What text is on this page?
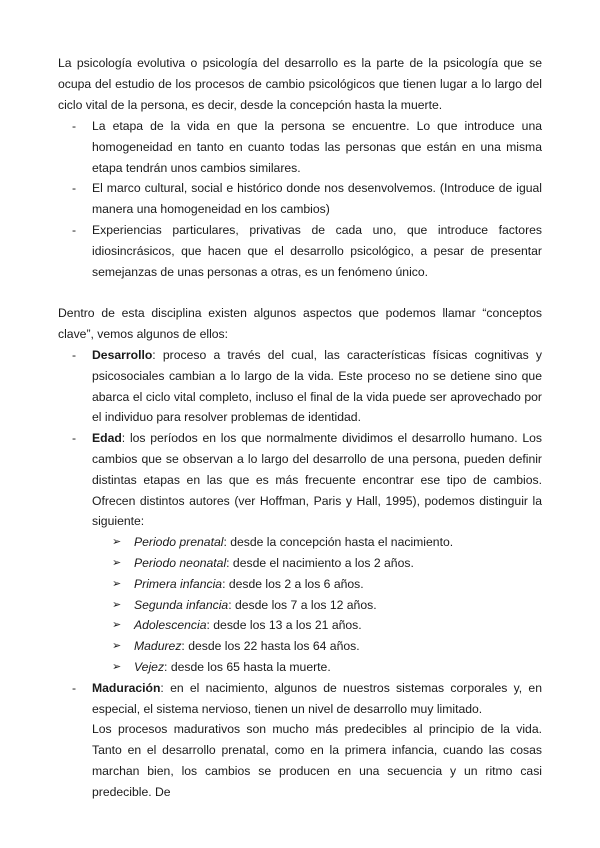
La psicología evolutiva o psicología del desarrollo es la parte de la psicología que se ocupa del estudio de los procesos de cambio psicológicos que tienen lugar a lo largo del ciclo vital de la persona, es decir, desde la concepción hasta la muerte.

- La etapa de la vida en que la persona se encuentre. Lo que introduce una homogeneidad en tanto en cuanto todas las personas que están en una misma etapa tendrán unos cambios similares.
- El marco cultural, social e histórico donde nos desenvolvemos. (Introduce de igual manera una homogeneidad en los cambios)
- Experiencias particulares, privativas de cada uno, que introduce factores idiosincrásicos, que hacen que el desarrollo psicológico, a pesar de presentar semejanzas de unas personas a otras, es un fenómeno único.

Dentro de esta disciplina existen algunos aspectos que podemos llamar “conceptos clave”, vemos algunos de ellos:

- Desarrollo: proceso a través del cual, las características físicas cognitivas y psicosociales cambian a lo largo de la vida. Este proceso no se detiene sino que abarca el ciclo vital completo, incluso el final de la vida puede ser aprovechado por el individuo para resolver problemas de identidad.
- Edad: los períodos en los que normalmente dividimos el desarrollo humano. Los cambios que se observan a lo largo del desarrollo de una persona, pueden definir distintas etapas en las que es más frecuente encontrar ese tipo de cambios. Ofrecen distintos autores (ver Hoffman, Paris y Hall, 1995), podemos distinguir la siguiente:
➢ Periodo prenatal: desde la concepción hasta el nacimiento.
➢ Periodo neonatal: desde el nacimiento a los 2 años.
➢ Primera infancia: desde los 2 a los 6 años.
➢ Segunda infancia: desde los 7 a los 12 años.
➢ Adolescencia: desde los 13 a los 21 años.
➢ Madurez: desde los 22 hasta los 64 años.
➢ Vejez: desde los 65 hasta la muerte.
- Maduración: en el nacimiento, algunos de nuestros sistemas corporales y, en especial, el sistema nervioso, tienen un nivel de desarrollo muy limitado.
Los procesos madurativos son mucho más predecibles al principio de la vida. Tanto en el desarrollo prenatal, como en la primera infancia, cuando las cosas marchan bien, los cambios se producen en una secuencia y un ritmo casi predecible. De
